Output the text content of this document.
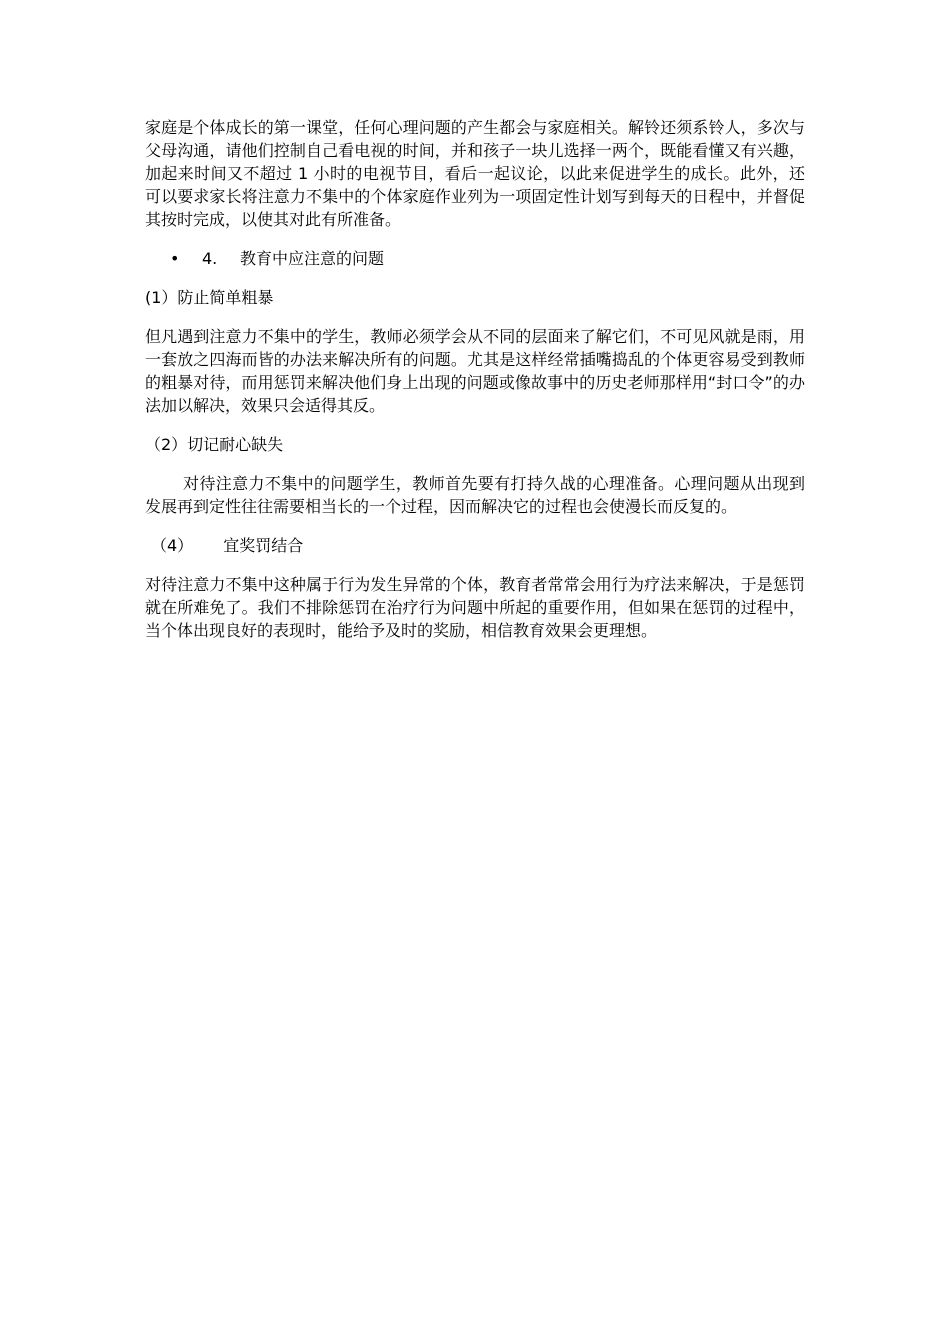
家庭是个体成长的第一课堂，任何心理问题的产生都会与家庭相关。解铃还须系铃人，多次与父母沟通，请他们控制自己看电视的时间，并和孩子一块儿选择一两个，既能看懂又有兴趣，加起来时间又不超过 1 小时的电视节目，看后一起议论，以此来促进学生的成长。此外，还可以要求家长将注意力不集中的个体家庭作业列为一项固定性计划写到每天的日程中，并督促其按时完成，以使其对此有所准备。

• 4. 教育中应注意的问题
(1）防止简单粗暴

但凡遇到注意力不集中的学生，教师必须学会从不同的层面来了解它们，不可见风就是雨，用一套放之四海而皆的办法来解决所有的问题。尤其是这样经常插嘴捣乱的个体更容易受到教师的粗暴对待，而用惩罚来解决他们身上出现的问题或像故事中的历史老师那样用“封口令”的办法加以解决，效果只会适得其反。

（2）切记耐心缺失

对待注意力不集中的问题学生，教师首先要有打持久战的心理准备。心理问题从出现到发展再到定性往往需要相当长的一个过程，因而解决它的过程也会使漫长而反复的。

（4） 宜奖罚结合

对待注意力不集中这种属于行为发生异常的个体，教育者常常会用行为疗法来解决，于是惩罚就在所难免了。我们不排除惩罚在治疗行为问题中所起的重要作用，但如果在惩罚的过程中，当个体出现良好的表现时，能给予及时的奖励，相信教育效果会更理想。
